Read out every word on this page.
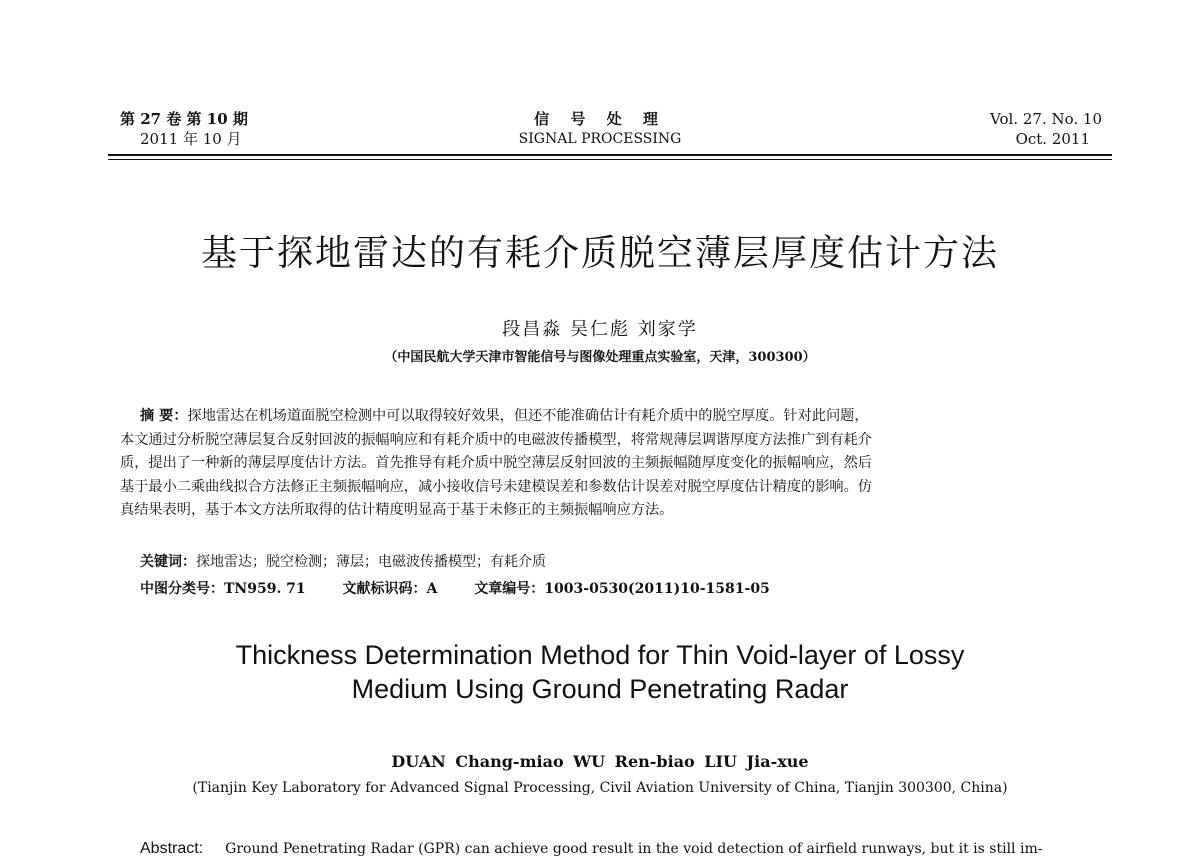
第 27 卷 第 10 期
2011 年 10 月
信 号 处 理
SIGNAL PROCESSING
Vol. 27. No. 10
Oct. 2011
基于探地雷达的有耗介质脱空薄层厚度估计方法
段昌淼 吴仁彪 刘家学
（中国民航大学天津市智能信号与图像处理重点实验室，天津，300300）
摘 要：探地雷达在机场道面脱空检测中可以取得较好效果，但还不能准确估计有耗介质中的脱空厚度。针对此问题，
本文通过分析脱空薄层复合反射回波的振幅响应和有耗介质中的电磁波传播模型，将常规薄层调谐厚度方法推广到有耗介
质，提出了一种新的薄层厚度估计方法。首先推导有耗介质中脱空薄层反射回波的主频振幅随厚度变化的振幅响应，然后
基于最小二乘曲线拟合方法修正主频振幅响应，减小接收信号未建模误差和参数估计误差对脱空厚度估计精度的影响。仿
真结果表明，基于本文方法所取得的估计精度明显高于基于未修正的主频振幅响应方法。
关键词：探地雷达；脱空检测；薄层；电磁波传播模型；有耗介质
中图分类号：TN959. 71	文献标识码：A	文章编号：1003-0530(2011)10-1581-05
Thickness Determination Method for Thin Void-layer of Lossy
Medium Using Ground Penetrating Radar
DUAN Chang-miao WU Ren-biao LIU Jia-xue
(Tianjin Key Laboratory for Advanced Signal Processing, Civil Aviation University of China, Tianjin 300300, China)
Abstract: Ground Penetrating Radar (GPR) can achieve good result in the void detection of airfield runways, but it is still im-
